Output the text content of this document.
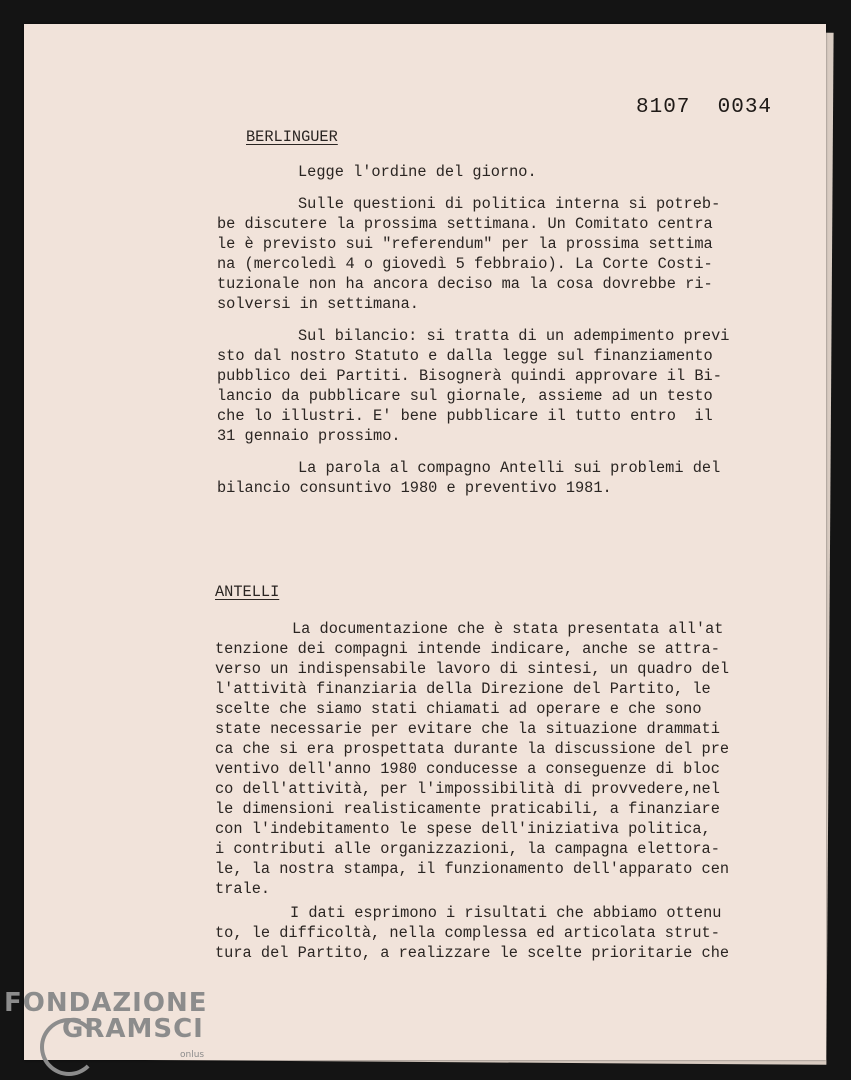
8107  0034
BERLINGUER
Legge l'ordine del giorno.
Sulle questioni di politica interna si potreb-
be discutere la prossima settimana. Un Comitato centra
le è previsto sui "referendum" per la prossima settima
na (mercoledì 4 o giovedì 5 febbraio). La Corte Costi-
tuzionale non ha ancora deciso ma la cosa dovrebbe ri-
solversi in settimana.
Sul bilancio: si tratta di un adempimento previ
sto dal nostro Statuto e dalla legge sul finanziamento
pubblico dei Partiti. Bisognerà quindi approvare il Bi-
lancio da pubblicare sul giornale, assieme ad un testo
che lo illustri. E' bene pubblicare il tutto entro  il
31 gennaio prossimo.
La parola al compagno Antelli sui problemi del
bilancio consuntivo 1980 e preventivo 1981.
ANTELLI
La documentazione che è stata presentata all'at
tenzione dei compagni intende indicare, anche se attra-
verso un indispensabile lavoro di sintesi, un quadro del
l'attività finanziaria della Direzione del Partito, le
scelte che siamo stati chiamati ad operare e che sono
state necessarie per evitare che la situazione drammati
ca che si era prospettata durante la discussione del pre
ventivo dell'anno 1980 conducesse a conseguenze di bloc
co dell'attività, per l'impossibilità di provvedere,nel
le dimensioni realisticamente praticabili, a finanziare
con l'indebitamento le spese dell'iniziativa politica,
i contributi alle organizzazioni, la campagna elettora-
le, la nostra stampa, il funzionamento dell'apparato cen
trale.
I dati esprimono i risultati che abbiamo ottenu
to, le difficoltà, nella complessa ed articolata strut-
tura del Partito, a realizzare le scelte prioritarie che
FONDAZIONE
GRAMSCI
onlus
